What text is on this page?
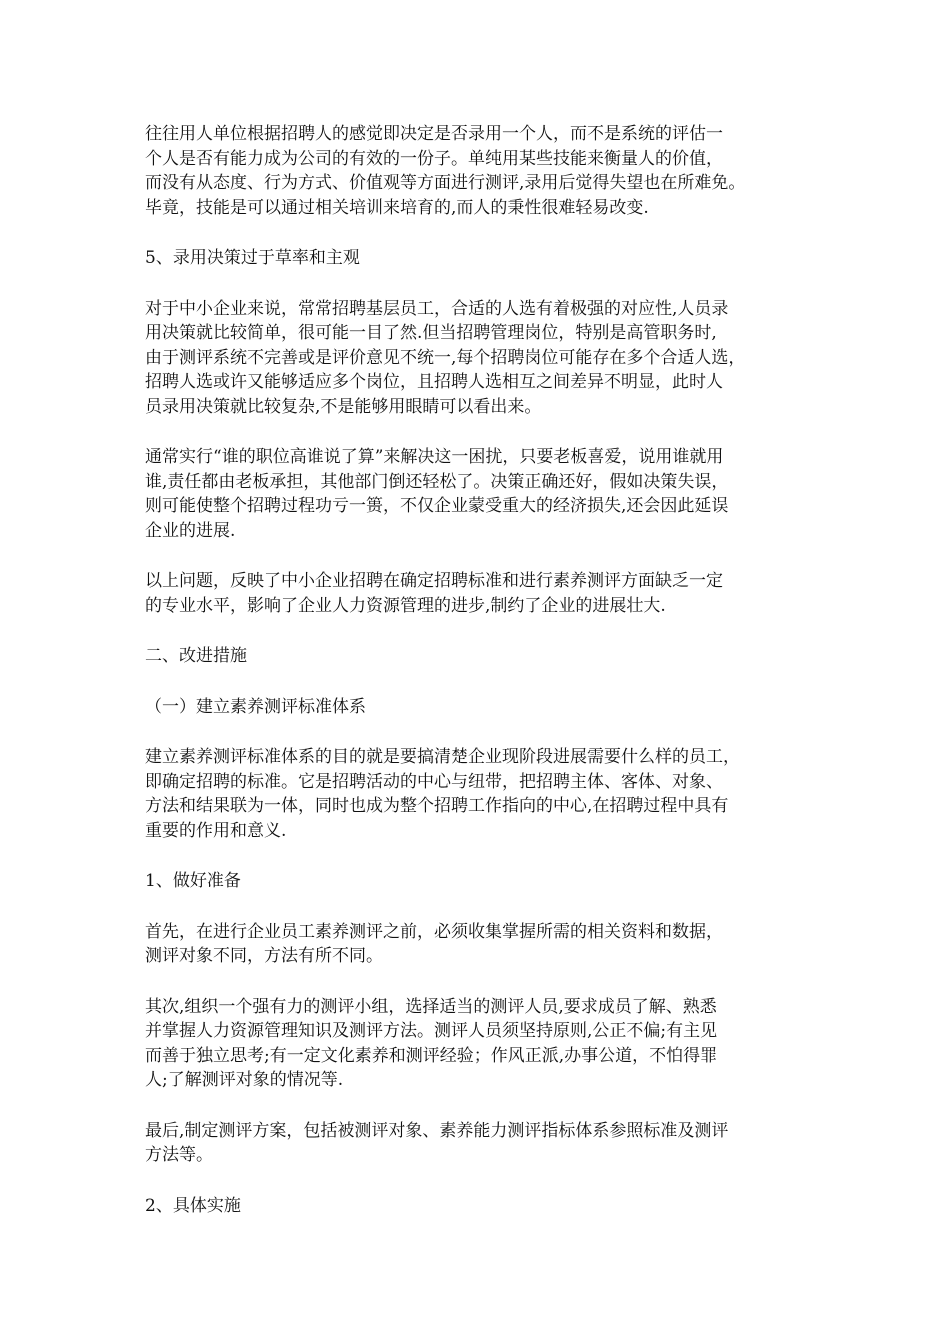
往往用人单位根据招聘人的感觉即决定是否录用一个人，而不是系统的评估一
个人是否有能力成为公司的有效的一份子。单纯用某些技能来衡量人的价值，
而没有从态度、行为方式、价值观等方面进行测评,录用后觉得失望也在所难免。
毕竟，技能是可以通过相关培训来培育的,而人的秉性很难轻易改变.
5、录用决策过于草率和主观
对于中小企业来说，常常招聘基层员工，合适的人选有着极强的对应性,人员录
用决策就比较简单，很可能一目了然.但当招聘管理岗位，特别是高管职务时,
由于测评系统不完善或是评价意见不统一,每个招聘岗位可能存在多个合适人选，
招聘人选或许又能够适应多个岗位，且招聘人选相互之间差异不明显，此时人
员录用决策就比较复杂,不是能够用眼睛可以看出来。
通常实行“谁的职位高谁说了算”来解决这一困扰，只要老板喜爱，说用谁就用
谁,责任都由老板承担，其他部门倒还轻松了。决策正确还好，假如决策失误，
则可能使整个招聘过程功亏一篑，不仅企业蒙受重大的经济损失,还会因此延误
企业的进展.
以上问题，反映了中小企业招聘在确定招聘标准和进行素养测评方面缺乏一定
的专业水平，影响了企业人力资源管理的进步,制约了企业的进展壮大.
二、改进措施
（一）建立素养测评标准体系
建立素养测评标准体系的目的就是要搞清楚企业现阶段进展需要什么样的员工，
即确定招聘的标准。它是招聘活动的中心与纽带，把招聘主体、客体、对象、
方法和结果联为一体，同时也成为整个招聘工作指向的中心,在招聘过程中具有
重要的作用和意义.
1、做好准备
首先，在进行企业员工素养测评之前，必须收集掌握所需的相关资料和数据，
测评对象不同，方法有所不同。
其次,组织一个强有力的测评小组，选择适当的测评人员,要求成员了解、熟悉
并掌握人力资源管理知识及测评方法。测评人员须坚持原则,公正不偏;有主见
而善于独立思考;有一定文化素养和测评经验；作风正派,办事公道，不怕得罪
人;了解测评对象的情况等.
最后,制定测评方案，包括被测评对象、素养能力测评指标体系参照标准及测评
方法等。
2、具体实施
